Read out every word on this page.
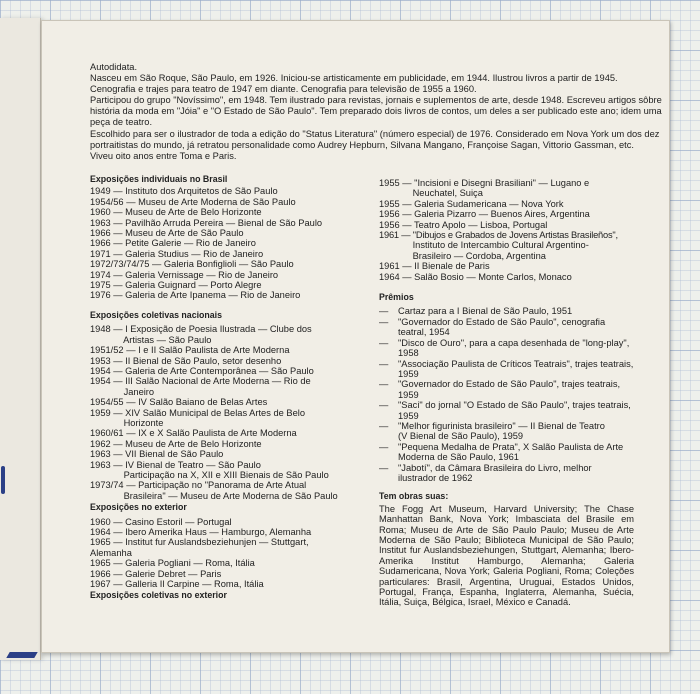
Autodidata.

Nasceu em São Roque, São Paulo, em 1926. Iniciou-se artisticamente em publicidade, em 1944. Ilustrou livros a partir de 1945.

Cenografia e trajes para teatro de 1947 em diante. Cenografia para televisão de 1955 a 1960.

Participou do grupo "Novíssimo", em 1948. Tem ilustrado para revistas, jornais e suplementos de arte, desde 1948. Escreveu artigos sôbre história da moda em "Jóia" e "O Estado de São Paulo". Tem preparado dois livros de contos, um deles a ser publicado este ano; idem uma peça de teatro.

Escolhido para ser o ilustrador de toda a edição do "Status Literatura" (número especial) de 1976. Considerado em Nova York um dos dez portraitistas do mundo, já retratou personalidade como Audrey Hepburn, Silvana Mangano, Françoise Sagan, Vittorio Gassman, etc.

Viveu oito anos entre Toma e Paris.

Exposições individuais no Brasil

1949 — Instituto dos Arquitetos de São Paulo
1954/56 — Museu de Arte Moderna de São Paulo
1960 — Museu de Arte de Belo Horizonte
1963 — Pavilhão Arruda Pereira — Bienal de São Paulo
1966 — Museu de Arte de São Paulo
1966 — Petite Galerie — Rio de Janeiro
1971 — Galeria Studius — Rio de Janeiro
1972/73/74/75 — Galeria Bonfiglioli — São Paulo
1974 — Galeria Vernissage — Rio de Janeiro
1975 — Galeria Guignard — Porto Alegre
1976 — Galeria de Arte Ipanema — Rio de Janeiro

Exposições coletivas nacionais

1948 — I Exposição de Poesia Ilustrada — Clube dos
Artistas — São Paulo
1951/52 — I e II Salão Paulista de Arte Moderna
1953 — II Bienal de São Paulo, setor desenho
1954 — Galeria de Arte Contemporânea — São Paulo
1954 — III Salão Nacional de Arte Moderna — Rio de
Janeiro
1954/55 — IV Salão Baiano de Belas Artes
1959 — XIV Salão Municipal de Belas Artes de Belo
Horizonte
1960/61 — IX e X Salão Paulista de Arte Moderna
1962 — Museu de Arte de Belo Horizonte
1963 — VII Bienal de São Paulo
1963 — IV Bienal de Teatro — São Paulo
Participação na X, XII e XIII Bienais de São Paulo
1973/74 — Participação no "Panorama de Arte Atual
Brasileira" — Museu de Arte Moderna de São Paulo

Exposições no exterior

1960 — Casino Estoril — Portugal
1964 — Ibero Amerika Haus — Hamburgo, Alemanha
1965 — Institut fur Auslandsbeziehunjen — Stuttgart,
Alemanha
1965 — Galeria Pogliani — Roma, Itália
1966 — Galerie Debret — Paris
1967 — Galleria Il Carpine — Roma, Itália

Exposições coletivas no exterior

1955 — "Incisioni e Disegni Brasiliani" — Lugano e
Neuchatel, Suiça
1955 — Galeria Sudamericana — Nova York
1956 — Galeria Pizarro — Buenos Aires, Argentina
1956 — Teatro Apolo — Lisboa, Portugal
1961 — "Dibujos e Grabados de Jovens Artistas Brasileños",
Instituto de Intercambio Cultural Argentino-
Brasileiro — Cordoba, Argentina
1961 — II Bienale de Paris
1964 — Salão Bosio — Monte Carlos, Monaco

Prêmios

— Cartaz para a I Bienal de São Paulo, 1951
— "Governador do Estado de São Paulo", cenografia
teatral, 1954
— "Disco de Ouro", para a capa desenhada de "long-play",
1958
— "Associação Paulista de Críticos Teatrais", trajes teatrais,
1959
— "Governador do Estado de São Paulo", trajes teatrais,
1959
— "Saci" do jornal "O Estado de São Paulo", trajes teatrais,
1959
— "Melhor figurinista brasileiro" — II Bienal de Teatro
(V Bienal de São Paulo), 1959
— "Pequena Medalha de Prata", X Salão Paulista de Arte
Moderna de São Paulo, 1961
— "Jabotí", da Câmara Brasileira do Livro, melhor
ilustrador de 1962

Tem obras suas:

The Fogg Art Museum, Harvard University; The Chase Manhattan Bank, Nova York; Imbasciata del Brasile em Roma; Museu de Arte de São Paulo Paulo; Museu de Arte Moderna de São Paulo; Biblioteca Municipal de São Paulo; Institut fur Auslandsbeziehungen, Stuttgart, Alemanha; Ibero-Amerika Institut Hamburgo, Alemanha; Galeria Sudamericana, Nova York; Galeria Pogliani, Roma; Coleções particulares: Brasil, Argentina, Uruguai, Estados Unidos, Portugal, França, Espanha, Inglaterra, Alemanha, Suécia, Itália, Suiça, Bélgica, Israel, México e Canadá.
